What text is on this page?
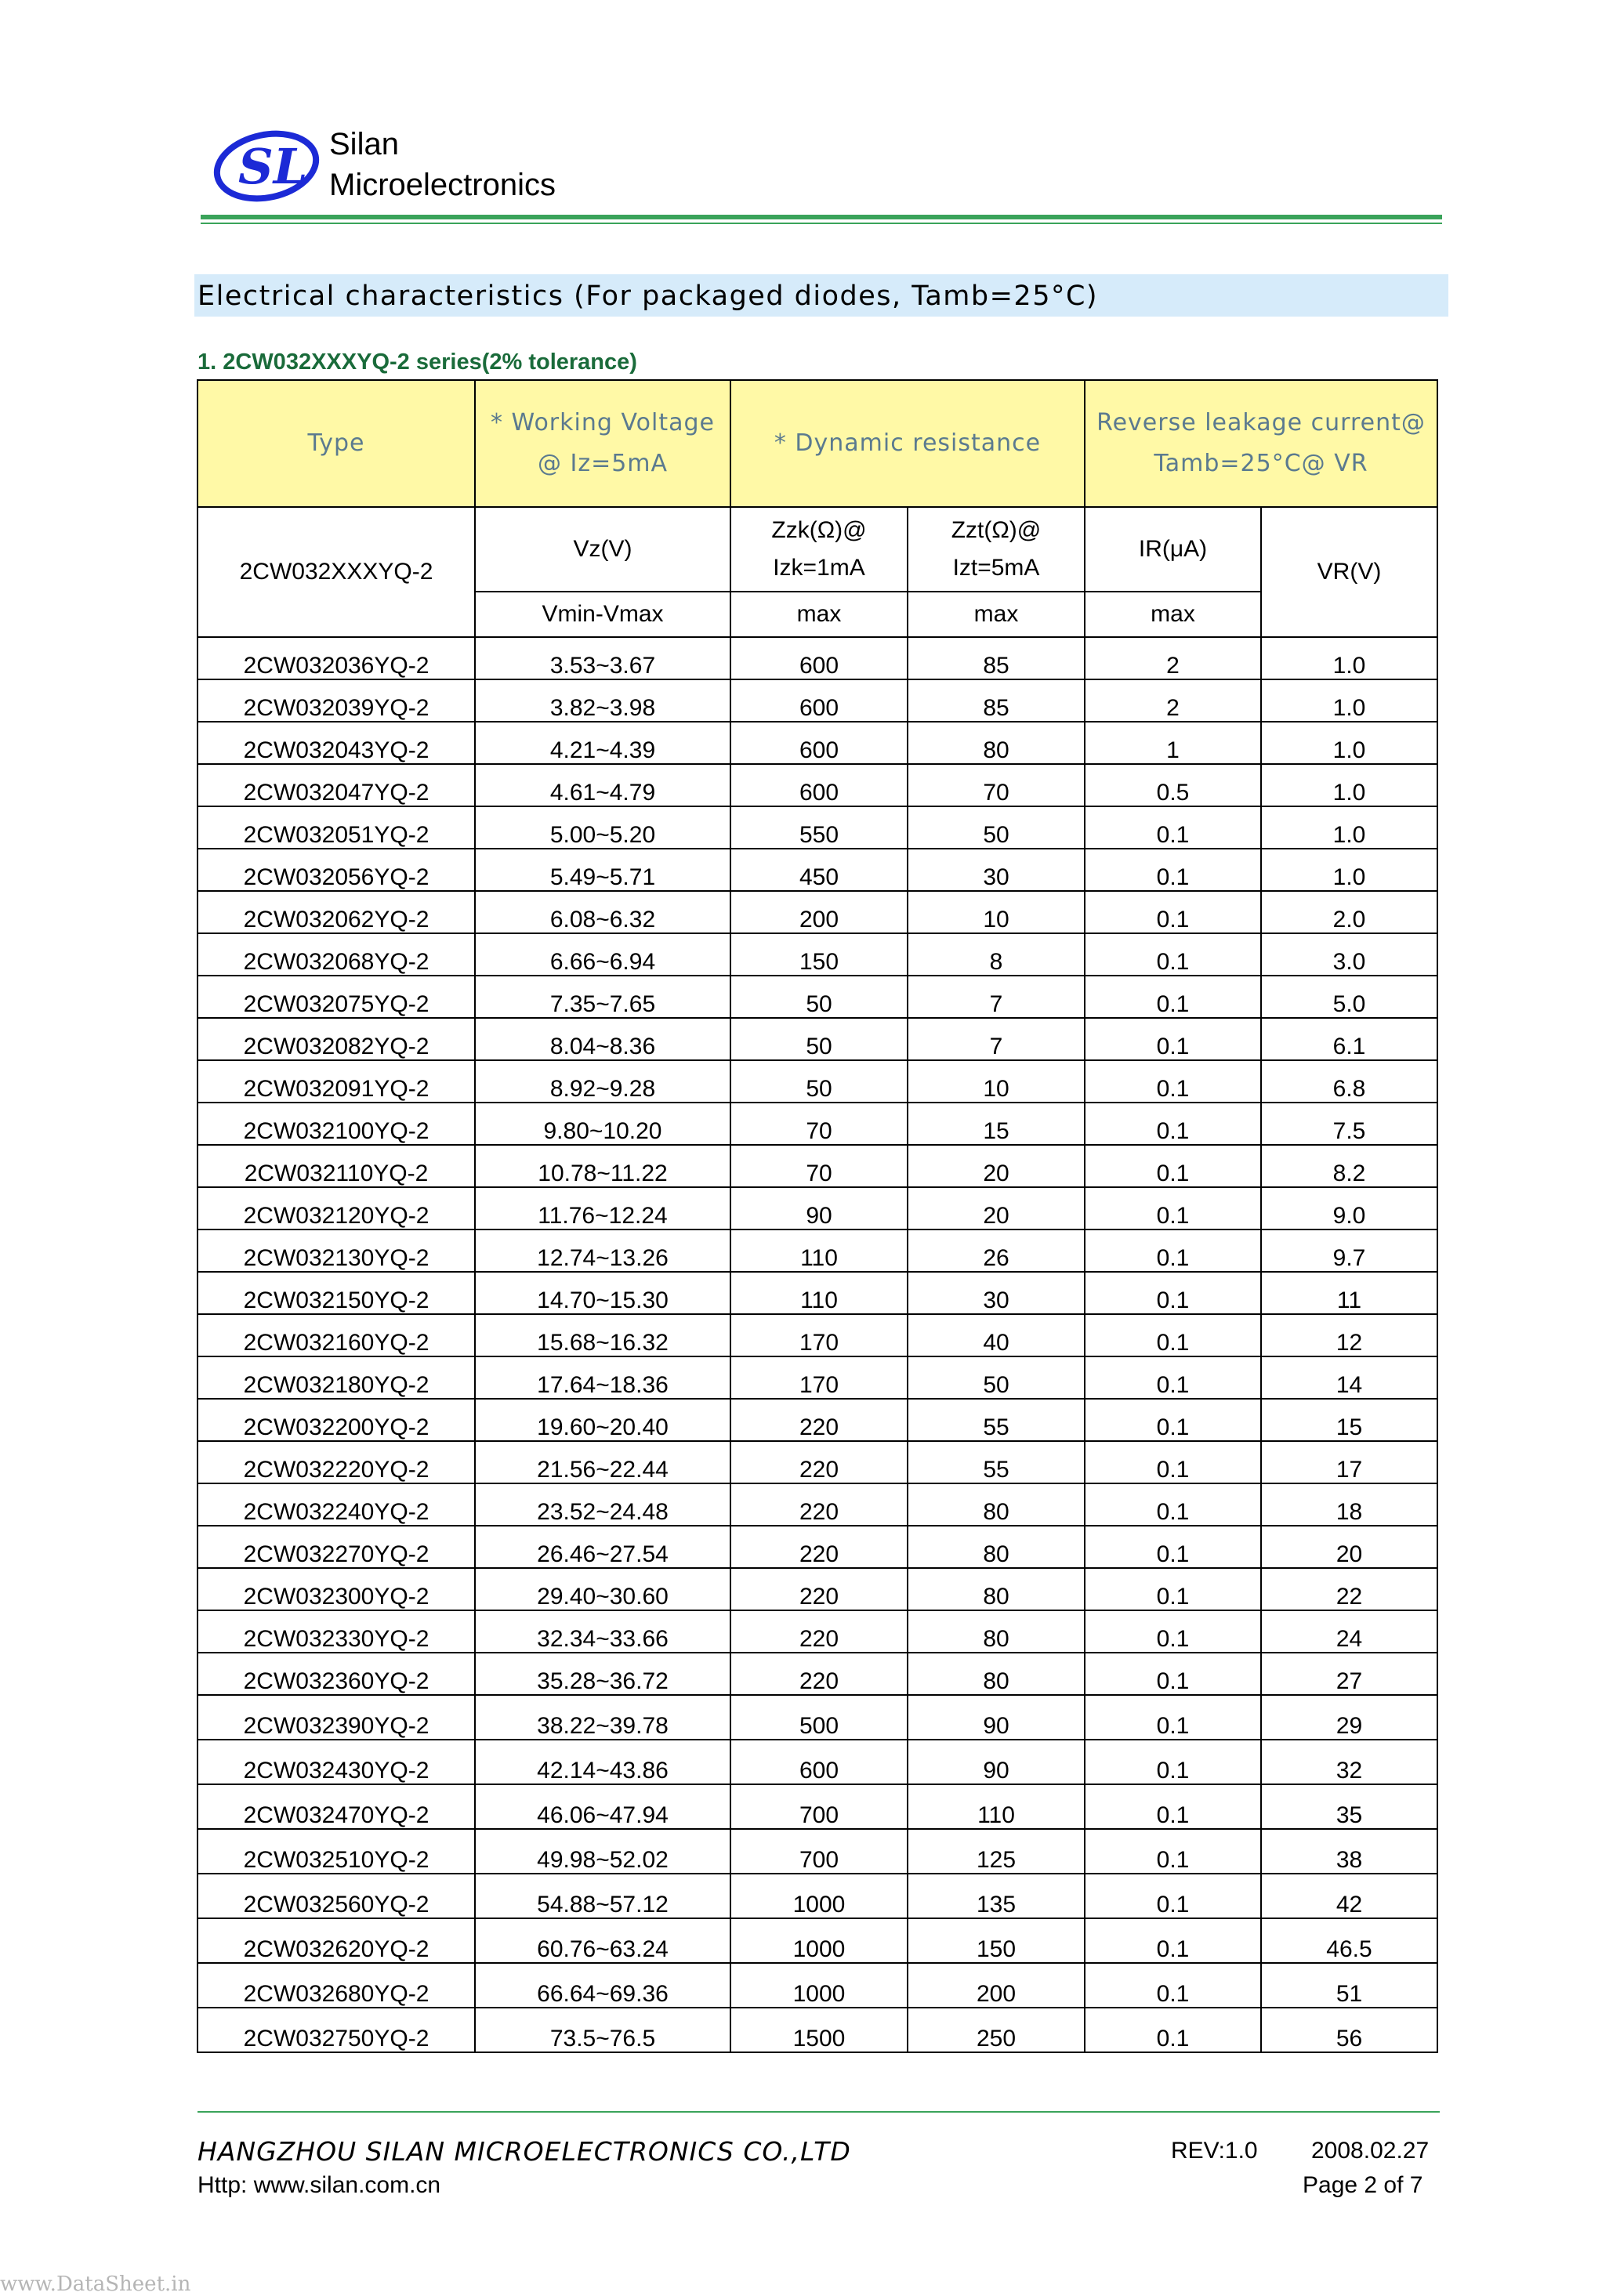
SL Silan
Microelectronics
Electrical characteristics (For packaged diodes, Tamb=25°C)
1. 2CW032XXXYQ-2 series(2% tolerance)
Type	* Working Voltage @ Iz=5mA	* Dynamic resistance		Reverse leakage current@ Tamb=25°C@ VR	
2CW032XXXYQ-2	Vz(V)	Zzk(Ω)@ Izk=1mA	Zzt(Ω)@ Izt=5mA	IR(μA)	VR(V)
	Vmin-Vmax	max	max	max	
2CW032036YQ-2	3.53~3.67	600	85	2	1.0
2CW032039YQ-2	3.82~3.98	600	85	2	1.0
2CW032043YQ-2	4.21~4.39	600	80	1	1.0
2CW032047YQ-2	4.61~4.79	600	70	0.5	1.0
2CW032051YQ-2	5.00~5.20	550	50	0.1	1.0
2CW032056YQ-2	5.49~5.71	450	30	0.1	1.0
2CW032062YQ-2	6.08~6.32	200	10	0.1	2.0
2CW032068YQ-2	6.66~6.94	150	8	0.1	3.0
2CW032075YQ-2	7.35~7.65	50	7	0.1	5.0
2CW032082YQ-2	8.04~8.36	50	7	0.1	6.1
2CW032091YQ-2	8.92~9.28	50	10	0.1	6.8
2CW032100YQ-2	9.80~10.20	70	15	0.1	7.5
2CW032110YQ-2	10.78~11.22	70	20	0.1	8.2
2CW032120YQ-2	11.76~12.24	90	20	0.1	9.0
2CW032130YQ-2	12.74~13.26	110	26	0.1	9.7
2CW032150YQ-2	14.70~15.30	110	30	0.1	11
2CW032160YQ-2	15.68~16.32	170	40	0.1	12
2CW032180YQ-2	17.64~18.36	170	50	0.1	14
2CW032200YQ-2	19.60~20.40	220	55	0.1	15
2CW032220YQ-2	21.56~22.44	220	55	0.1	17
2CW032240YQ-2	23.52~24.48	220	80	0.1	18
2CW032270YQ-2	26.46~27.54	220	80	0.1	20
2CW032300YQ-2	29.40~30.60	220	80	0.1	22
2CW032330YQ-2	32.34~33.66	220	80	0.1	24
2CW032360YQ-2	35.28~36.72	220	80	0.1	27
2CW032390YQ-2	38.22~39.78	500	90	0.1	29
2CW032430YQ-2	42.14~43.86	600	90	0.1	32
2CW032470YQ-2	46.06~47.94	700	110	0.1	35
2CW032510YQ-2	49.98~52.02	700	125	0.1	38
2CW032560YQ-2	54.88~57.12	1000	135	0.1	42
2CW032620YQ-2	60.76~63.24	1000	150	0.1	46.5
2CW032680YQ-2	66.64~69.36	1000	200	0.1	51
2CW032750YQ-2	73.5~76.5	1500	250	0.1	56
HANGZHOU SILAN MICROELECTRONICS CO.,LTD	REV:1.0 2008.02.27
Http: www.silan.com.cn	Page 2 of 7
www.DataSheet.in
